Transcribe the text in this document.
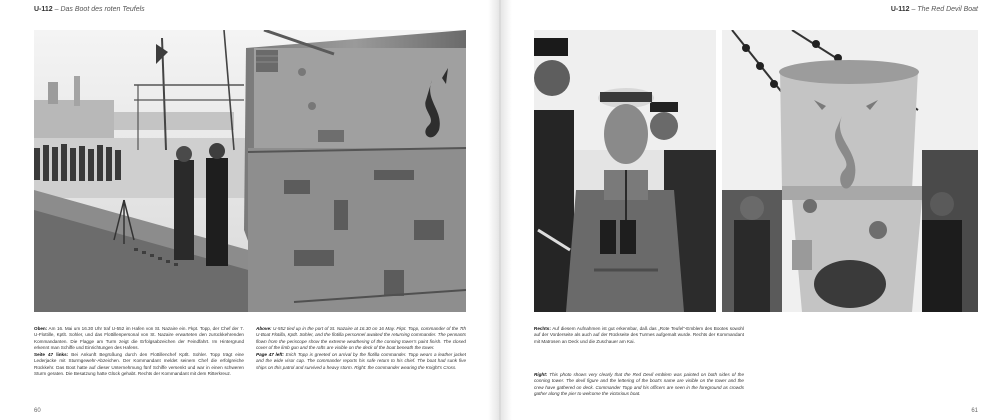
U-112 – Das Boot des roten Teufels

Oben: Am 16. Mai um 16.30 Uhr traf U-552 im Hafen von St. Nazaire ein. Fkpt. Topp, der Chef der 7. U-Flottille, Kptlt. Sohler, und das Flottillenpersonal von St. Nazaire erwarteten den zurückkehrenden Kommandanten. Die Flagge am Turm zeigt die Erfolgsabzeichen der Feindfahrt. Im Hintergrund erkennt man Schiffe und Einrichtungen des Hafens.

Seite 47 links: Bei Ankunft Begrüßung durch den Flottillenchef Kptlt. Sohler. Topp trägt eine Lederjacke mit Sturmgewehr-Abzeichen. Der Kommandant meldet seinem Chef die erfolgreiche Rückkehr. Das Boot hatte auf dieser Unternehmung fünf Schiffe versenkt und war in einen schweren Sturm geraten. Die Besatzung hatte Glück gehabt. Rechts der Kommandant mit dem Ritterkreuz.

Above: U-552 tied up in the port of St. Nazaire at 16.30 on 16 May. Fkpt. Topp, commander of the 7th U-Boat Flotilla, Kptlt. Sohler, and the flotilla personnel awaited the returning commander. The pennants flown from the periscope show the extreme weathering of the conning tower's paint finish. The closed cover of the limb gun and the rafts are visible on the deck of the boat beneath the tower.

Page 47 left: Erich Topp is greeted on arrival by the flotilla commander. Topp wears a leather jacket and the wide visor cap. The commander reports his safe return to his chief. The boat had sunk five ships on this patrol and survived a heavy storm. Right: the commander wearing the Knight's Cross.

60
U-112 – The Red Devil Boat

Rechts: Auf diesem Aufnahmen ist gut erkennbar, daß das „Rote Teufel“-Emblem des Bootes sowohl auf der Vorderseite als auch auf der Rückseite des Turmes aufgemalt wurde. Rechts der Kommandant mit Matrosen an Deck und die Zuschauer am Kai.

Right: This photo shows very clearly that the Red Devil emblem was painted on both sides of the conning tower. The devil figure and the lettering of the boat's name are visible on the tower and the crew have gathered on deck. Commander Topp and his officers are seen in the foreground as crowds gather along the pier to welcome the victorious boat.

61
